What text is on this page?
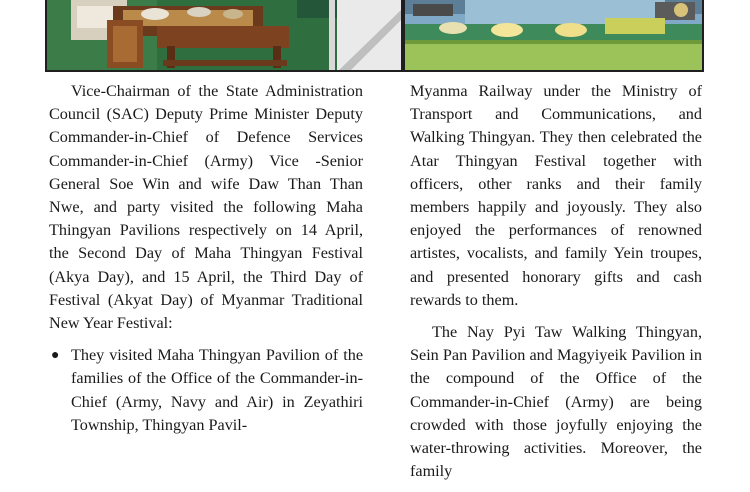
Vice-Chairman of the State Administration Council (SAC) Deputy Prime Minister Deputy Commander-in-Chief of Defence Services Commander-in-Chief (Army) Vice -Senior General Soe Win and wife Daw Than Than Nwe, and party visited the following Maha Thingyan Pavilions respectively on 14 April, the Second Day of Maha Thingyan Festival (Akya Day), and 15 April, the Third Day of Festival (Akyat Day) of Myanmar Traditional New Year Festival:

● They visited Maha Thingyan Pavilion of the families of the Office of the Commander-in-Chief (Army, Navy and Air) in Zeyathiri Township, Thingyan Pavil-

Myanma Railway under the Ministry of Transport and Communications, and Walking Thingyan. They then celebrated the Atar Thingyan Festival together with officers, other ranks and their family members happily and joyously. They also enjoyed the performances of renowned artistes, vocalists, and family Yein troupes, and presented honorary gifts and cash rewards to them.

The Nay Pyi Taw Walking Thingyan, Sein Pan Pavilion and Magyiyeik Pavilion in the compound of the Office of the Commander-in-Chief (Army) are being crowded with those joyfully enjoying the water-throwing activities. Moreover, the family
